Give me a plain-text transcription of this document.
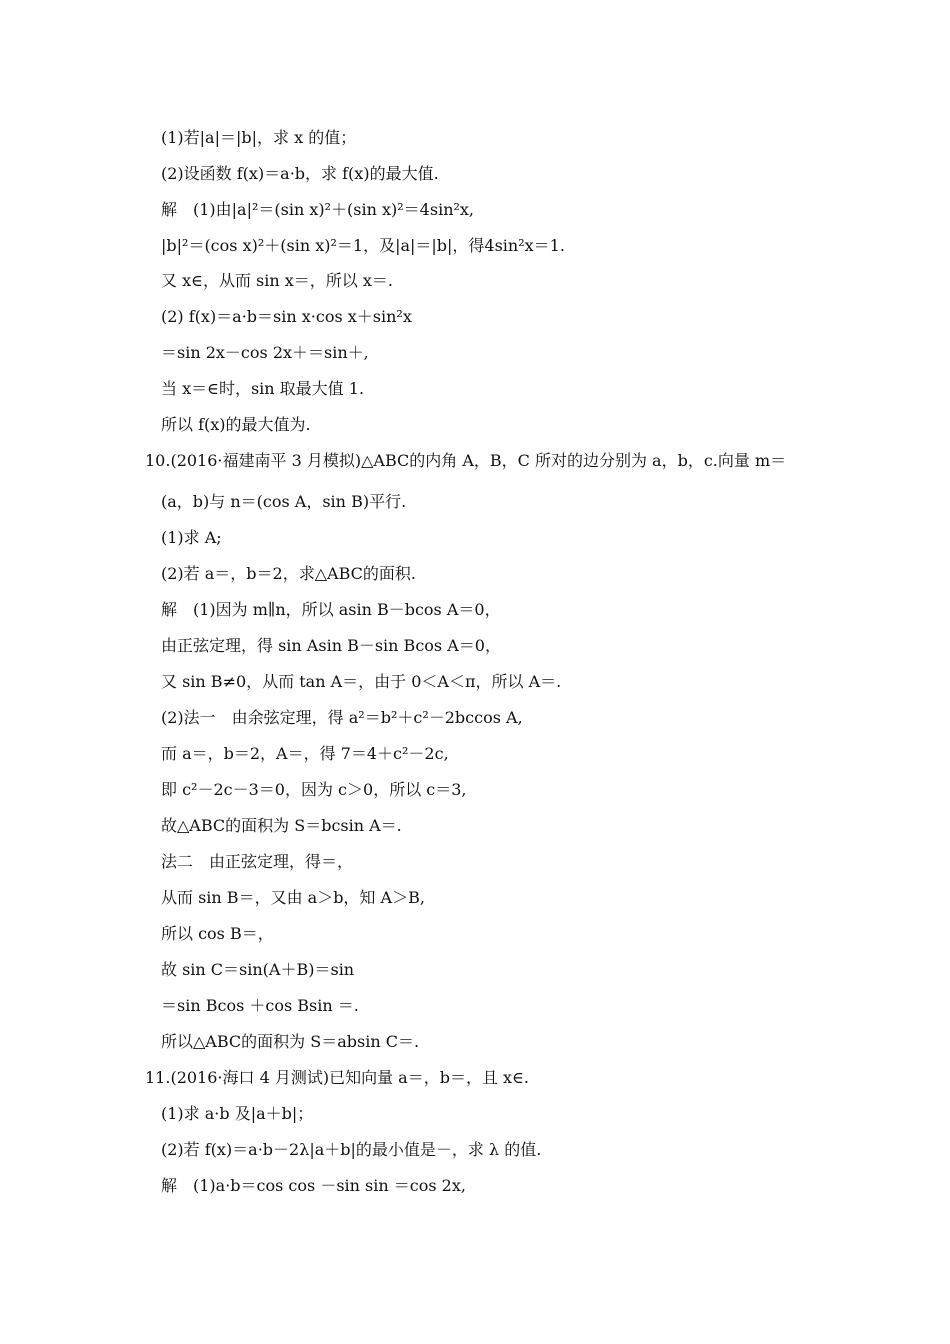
(1)若|a|＝|b|，求 x 的值；
(2)设函数 f(x)＝a·b，求 f(x)的最大值.
解　(1)由|a|²＝(sin x)²＋(sin x)²＝4sin²x,
|b|²＝(cos x)²＋(sin x)²＝1，及|a|＝|b|，得4sin²x＝1.
又 x∈，从而 sin x＝，所以 x＝.
(2) f(x)＝a·b＝sin x·cos x＋sin²x
＝sin 2x－cos 2x＋＝sin＋,
当 x＝∈时，sin 取最大值 1.
所以 f(x)的最大值为.
10.(2016·福建南平 3 月模拟)△ABC的内角 A，B，C 所对的边分别为 a，b，c.向量 m＝
(a，b)与 n＝(cos A，sin B)平行.
(1)求 A;
(2)若 a＝，b＝2，求△ABC的面积.
解　(1)因为 m∥n，所以 asin B－bcos A＝0，
由正弦定理，得 sin Asin B－sin Bcos A＝0，
又 sin B≠0，从而 tan A＝，由于 0＜A＜π，所以 A＝.
(2)法一　由余弦定理，得 a²＝b²＋c²－2bccos A,
而 a＝，b＝2，A＝，得 7＝4＋c²－2c,
即 c²－2c－3＝0，因为 c＞0，所以 c＝3,
故△ABC的面积为 S＝bcsin A＝.
法二　由正弦定理，得＝，
从而 sin B＝，又由 a＞b，知 A＞B,
所以 cos B＝，
故 sin C＝sin(A＋B)＝sin
＝sin Bcos ＋cos Bsin ＝.
所以△ABC的面积为 S＝absin C＝.
11.(2016·海口 4 月测试)已知向量 a＝，b＝，且 x∈.
(1)求 a·b 及|a＋b|；
(2)若 f(x)＝a·b－2λ|a＋b|的最小值是－，求 λ 的值.
解　(1)a·b＝cos cos －sin sin ＝cos 2x,
